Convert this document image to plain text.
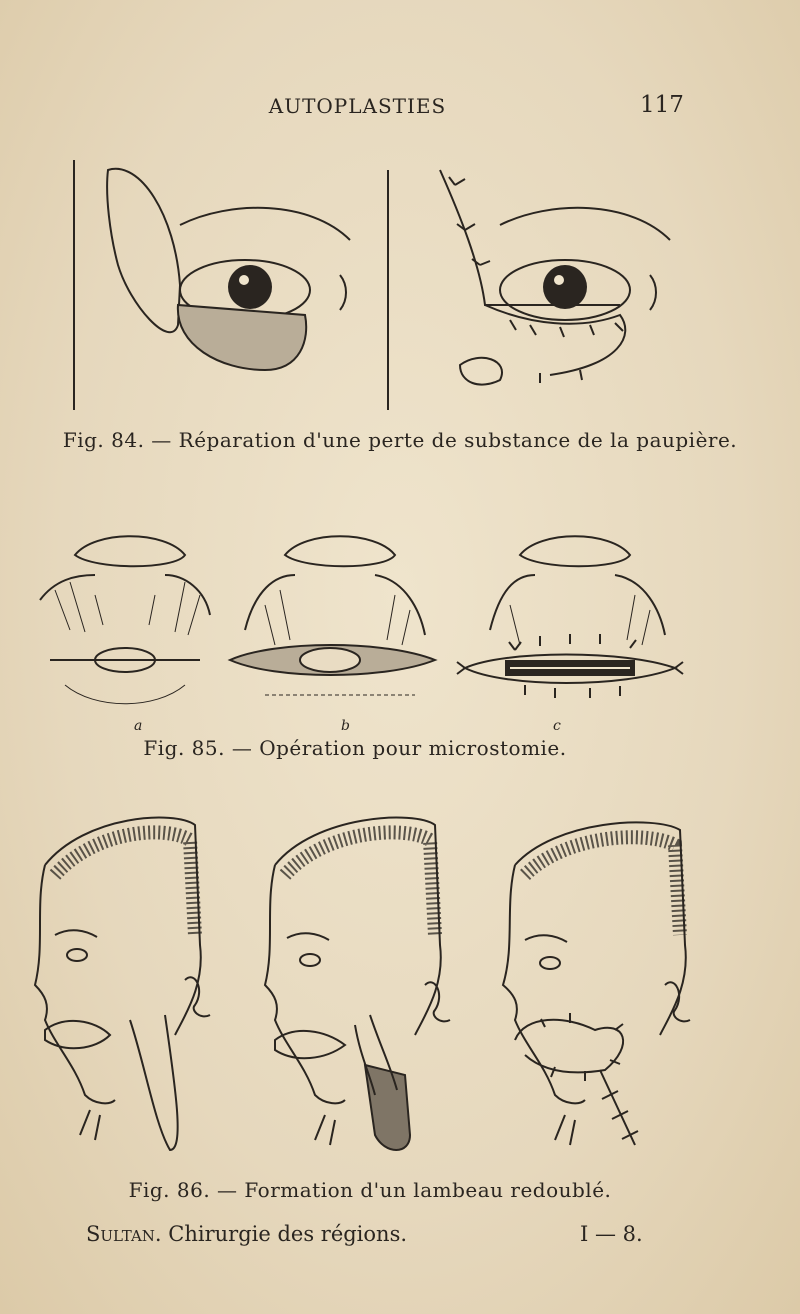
AUTOPLASTIES	117
Fig. 84. — Réparation d'une perte de substance de la paupière.
a	b	c
Fig. 85. — Opération pour microstomie.
Fig. 86. — Formation d'un lambeau redoublé.
Sultan. Chirurgie des régions.	I — 8.
